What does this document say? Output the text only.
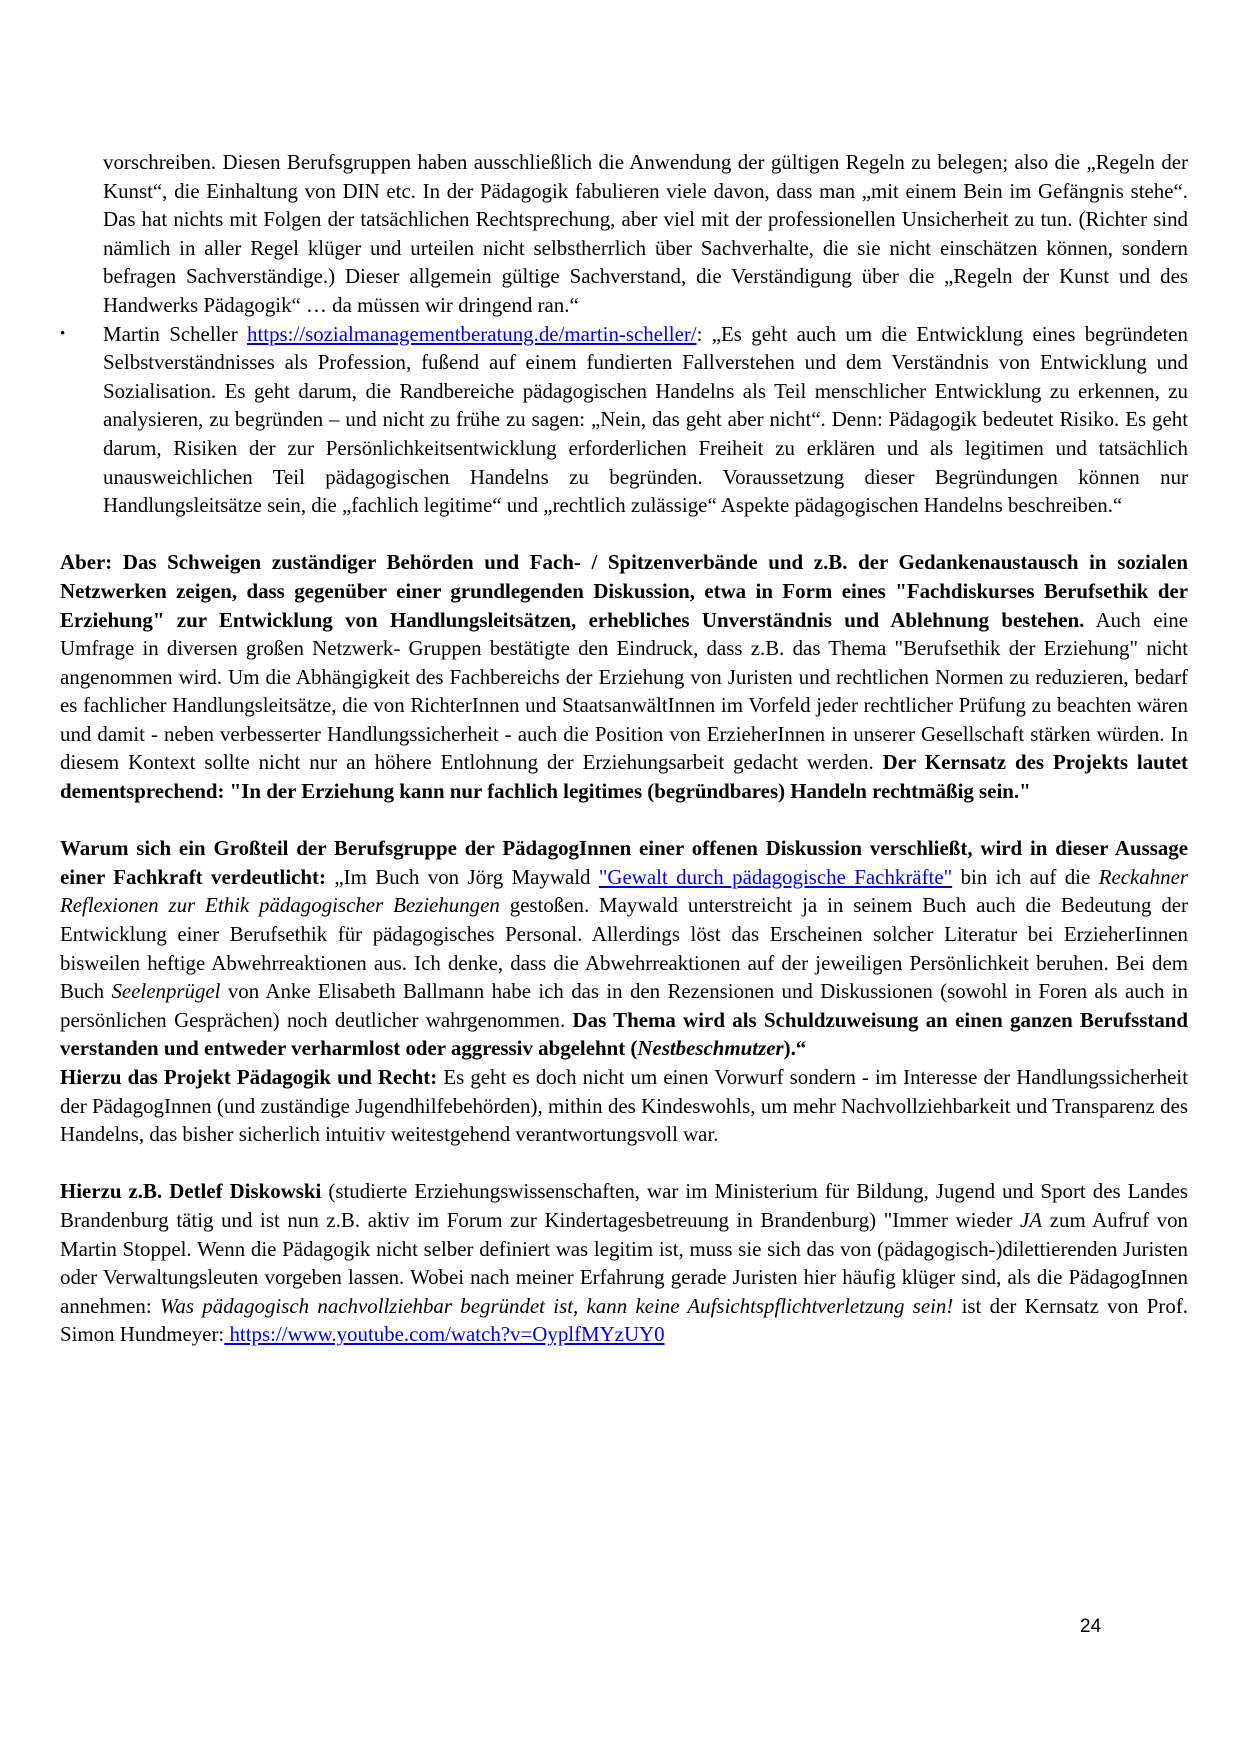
vorschreiben. Diesen Berufsgruppen haben ausschließlich die Anwendung der gültigen Regeln zu belegen; also die „Regeln der Kunst“, die Einhaltung von DIN etc. In der Pädagogik fabulieren viele davon, dass man „mit einem Bein im Gefängnis stehe“. Das hat nichts mit Folgen der tatsächlichen Rechtsprechung, aber viel mit der professionellen Unsicherheit zu tun. (Richter sind nämlich in aller Regel klüger und urteilen nicht selbstherrlich über Sachverhalte, die sie nicht einschätzen können, sondern befragen Sachverständige.) Dieser allgemein gültige Sachverstand, die Verständigung über die „Regeln der Kunst und des Handwerks Pädagogik“ … da müssen wir dringend ran.“

• Martin Scheller https://sozialmanagementberatung.de/martin-scheller/: „Es geht auch um die Entwicklung eines begründeten Selbstverständnisses als Profession, fußend auf einem fundierten Fallverstehen und dem Verständnis von Entwicklung und Sozialisation. Es geht darum, die Randbereiche pädagogischen Handelns als Teil menschlicher Entwicklung zu erkennen, zu analysieren, zu begründen – und nicht zu frühe zu sagen: „Nein, das geht aber nicht“. Denn: Pädagogik bedeutet Risiko. Es geht darum, Risiken der zur Persönlichkeitsentwicklung erforderlichen Freiheit zu erklären und als legitimen und tatsächlich unausweichlichen Teil pädagogischen Handelns zu begründen. Voraussetzung dieser Begründungen können nur Handlungsleitsätze sein, die „fachlich legitime“ und „rechtlich zulässige“ Aspekte pädagogischen Handelns beschreiben.“

Aber: Das Schweigen zuständiger Behörden und Fach- / Spitzenverbände und z.B. der Gedankenaustausch in sozialen Netzwerken zeigen, dass gegenüber einer grundlegenden Diskussion, etwa in Form eines "Fachdiskurses Berufsethik der Erziehung" zur Entwicklung von Handlungsleitsätzen, erhebliches Unverständnis und Ablehnung bestehen. Auch eine Umfrage in diversen großen Netzwerk- Gruppen bestätigte den Eindruck, dass z.B. das Thema "Berufsethik der Erziehung" nicht angenommen wird. Um die Abhängigkeit des Fachbereichs der Erziehung von Juristen und rechtlichen Normen zu reduzieren, bedarf es fachlicher Handlungsleitsätze, die von RichterInnen und StaatsanwältInnen im Vorfeld jeder rechtlicher Prüfung zu beachten wären und damit - neben verbesserter Handlungssicherheit - auch die Position von ErzieherInnen in unserer Gesellschaft stärken würden. In diesem Kontext sollte nicht nur an höhere Entlohnung der Erziehungsarbeit gedacht werden. Der Kernsatz des Projekts lautet dementsprechend: "In der Erziehung kann nur fachlich legitimes (begründbares) Handeln rechtmäßig sein."

Warum sich ein Großteil der Berufsgruppe der PädagogInnen einer offenen Diskussion verschließt, wird in dieser Aussage einer Fachkraft verdeutlicht: „Im Buch von Jörg Maywald "Gewalt durch pädagogische Fachkräfte" bin ich auf die Reckahner Reflexionen zur Ethik pädagogischer Beziehungen gestoßen. Maywald unterstreicht ja in seinem Buch auch die Bedeutung der Entwicklung einer Berufsethik für pädagogisches Personal. Allerdings löst das Erscheinen solcher Literatur bei ErzieherIinnen bisweilen heftige Abwehrreaktionen aus. Ich denke, dass die Abwehrreaktionen auf der jeweiligen Persönlichkeit beruhen. Bei dem Buch Seelenprügel von Anke Elisabeth Ballmann habe ich das in den Rezensionen und Diskussionen (sowohl in Foren als auch in persönlichen Gesprächen) noch deutlicher wahrgenommen. Das Thema wird als Schuldzuweisung an einen ganzen Berufsstand verstanden und entweder verharmlost oder aggressiv abgelehnt (Nestbeschmutzer).“

Hierzu das Projekt Pädagogik und Recht: Es geht es doch nicht um einen Vorwurf sondern - im Interesse der Handlungssicherheit der PädagogInnen (und zuständige Jugendhilfebehörden), mithin des Kindeswohls, um mehr Nachvollziehbarkeit und Transparenz des Handelns, das bisher sicherlich intuitiv weitestgehend verantwortungsvoll war.

Hierzu z.B. Detlef Diskowski (studierte Erziehungswissenschaften, war im Ministerium für Bildung, Jugend und Sport des Landes Brandenburg tätig und ist nun z.B. aktiv im Forum zur Kindertagesbetreuung in Brandenburg) "Immer wieder JA zum Aufruf von Martin Stoppel. Wenn die Pädagogik nicht selber definiert was legitim ist, muss sie sich das von (pädagogisch-)dilettierenden Juristen oder Verwaltungsleuten vorgeben lassen. Wobei nach meiner Erfahrung gerade Juristen hier häufig klüger sind, als die PädagogInnen annehmen: Was pädagogisch nachvollziehbar begründet ist, kann keine Aufsichtspflichtverletzung sein! ist der Kernsatz von Prof. Simon Hundmeyer: https://www.youtube.com/watch?v=OyplfMYzUY0

24
